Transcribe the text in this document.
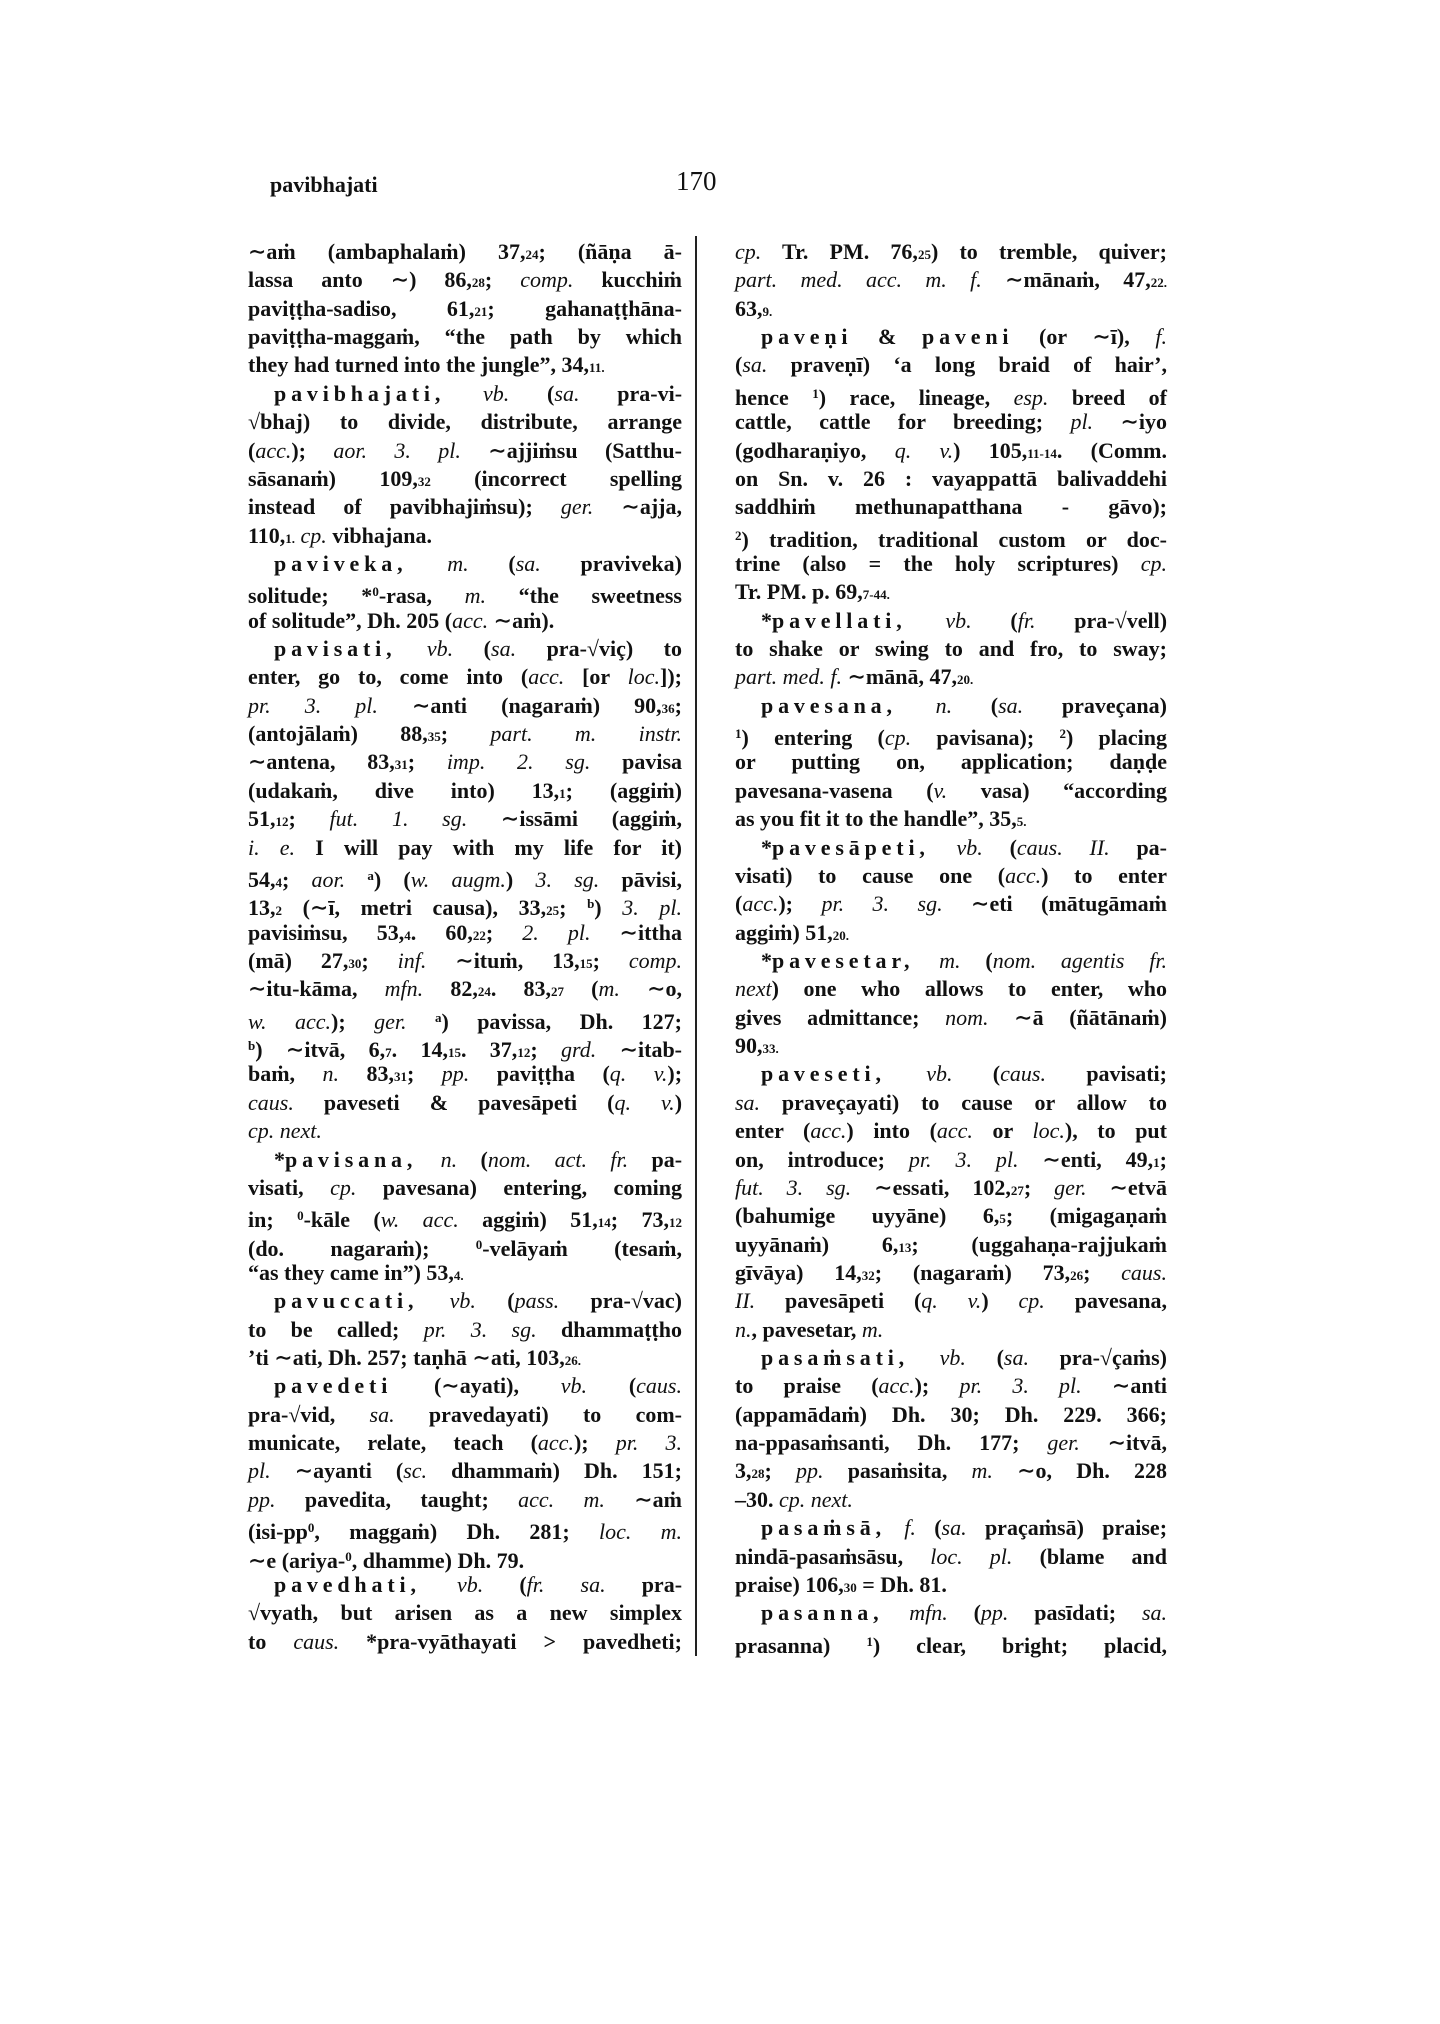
pavibhajati	170
∼aṁ (ambaphalaṁ) 37,24; (ñāṇa ā-
lassa anto ∼) 86,28; comp. kucchiṁ
paviṭṭha-sadiso, 61,21; gahanaṭṭhāna-
paviṭṭha-maggaṁ, “the path by which
they had turned into the jungle”, 34,11.
pavibhajati, vb. (sa. pra-vi-
√bhaj) to divide, distribute, arrange
(acc.); aor. 3. pl. ∼ajjiṁsu (Satthu-
sāsanaṁ) 109,32 (incorrect spelling
instead of pavibhajiṁsu); ger. ∼ajja,
110,1. cp. vibhajana.
paviveka, m. (sa. praviveka)
solitude; *$^0$-rasa, m. “the sweetness
of solitude”, Dh. 205 (acc. ∼aṁ).
pavisati, vb. (sa. pra-√viç) to
enter, go to, come into (acc. [or loc.]);
pr. 3. pl. ∼anti (nagaraṁ) 90,36;
(antojālaṁ) 88,35; part. m. instr.
∼antena, 83,31; imp. 2. sg. pavisa
(udakaṁ, dive into) 13,1; (aggiṁ)
51,12; fut. 1. sg. ∼issāmi (aggiṁ,
i. e. I will pay with my life for it)
54,4; aor. $^a$) (w. augm.) 3. sg. pāvisi,
13,2 (∼ī, metri causa), 33,25; $^b$) 3. pl.
pavisiṁsu, 53,4. 60,22; 2. pl. ∼ittha
(mā) 27,30; inf. ∼ituṁ, 13,15; comp.
∼itu-kāma, mfn. 82,24. 83,27 (m. ∼o,
w. acc.); ger. $^a$) pavissa, Dh. 127;
$^b$) ∼itvā, 6,7. 14,15. 37,12; grd. ∼itab-
baṁ, n. 83,31; pp. paviṭṭha (q. v.);
caus. paveseti & pavesāpeti (q. v.)
cp. next.
*pavisana, n. (nom. act. fr. pa-
visati, cp. pavesana) entering, coming
in; $^0$-kāle (w. acc. aggiṁ) 51,14; 73,12
(do. nagaraṁ); $^0$-velāyaṁ (tesaṁ,
“as they came in”) 53,4.
pavuccati, vb. (pass. pra-√vac)
to be called; pr. 3. sg. dhammaṭṭho
’ti ∼ati, Dh. 257; taṇhā ∼ati, 103,26.
pavedeti (∼ayati), vb. (caus.
pra-√vid, sa. pravedayati) to com-
municate, relate, teach (acc.); pr. 3.
pl. ∼ayanti (sc. dhammaṁ) Dh. 151;
pp. pavedita, taught; acc. m. ∼aṁ
($isi-pp^0$, maggaṁ) Dh. 281; loc. m.
∼e (ariya-$^0$, dhamme) Dh. 79.
pavedhati, vb. (fr. sa. pra-
√vyath, but arisen as a new simplex
to caus. *pra-vyāthayati > pavedheti;
cp. Tr. PM. 76,25) to tremble, quiver;
part. med. acc. m. f. ∼mānaṁ, 47,22.
63,9.
paveṇi & paveni (or ∼ī), f.
(sa. praveṇī) ‘a long braid of hair’,
hence $^1$) race, lineage, esp. breed of
cattle, cattle for breeding; pl. ∼iyo
(godharaṇiyo, q. v.) 105,11-14. (Comm.
on Sn. v. 26 : vayappattā balivaddehi
saddhiṁ methunapatthana - gāvo);
$^2$) tradition, traditional custom or doc-
trine (also = the holy scriptures) cp.
Tr. PM. p. 69,7-44.
*pavellati, vb. (fr. pra-√vell)
to shake or swing to and fro, to sway;
part. med. f. ∼mānā, 47,20.
pavesana, n. (sa. praveçana)
$^1$) entering (cp. pavisana); $^2$) placing
or putting on, application; daṇḍe
pavesana-vasena (v. vasa) “according
as you fit it to the handle”, 35,5.
*pavesāpeti, vb. (caus. II. pa-
visati) to cause one (acc.) to enter
(acc.); pr. 3. sg. ∼eti (mātugāmaṁ
aggiṁ) 51,20.
*pavesetar, m. (nom. agentis fr.
next) one who allows to enter, who
gives admittance; nom. ∼ā (ñātānaṁ)
90,33.
paveseti, vb. (caus. pavisati;
sa. praveçayati) to cause or allow to
enter (acc.) into (acc. or loc.), to put
on, introduce; pr. 3. pl. ∼enti, 49,1;
fut. 3. sg. ∼essati, 102,27; ger. ∼etvā
(bahumige uyyāne) 6,5; (migagaṇaṁ
uyyānaṁ) 6,13; (uggahaṇa-rajjukaṁ
gīvāya) 14,32; (nagaraṁ) 73,26; caus.
II. pavesāpeti (q. v.) cp. pavesana,
n., pavesetar, m.
pasaṁsati, vb. (sa. pra-√çaṁs)
to praise (acc.); pr. 3. pl. ∼anti
(appamādaṁ) Dh. 30; Dh. 229. 366;
na-ppasaṁsanti, Dh. 177; ger. ∼itvā,
3,28; pp. pasaṁsita, m. ∼o, Dh. 228
–30. cp. next.
pasaṁsā, f. (sa. praçaṁsā) praise;
nindā-pasaṁsāsu, loc. pl. (blame and
praise) 106,30 = Dh. 81.
pasanna, mfn. (pp. pasīdati; sa.
prasanna) $^1$) clear, bright; placid,
